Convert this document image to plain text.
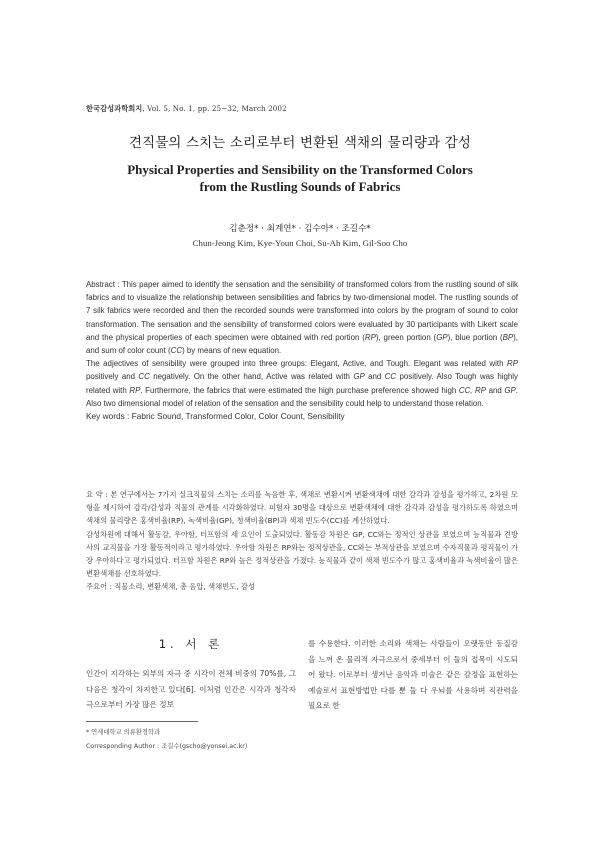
한국감성과학회지, Vol. 5, No. 1, pp. 25~32, March 2002
견직물의 스치는 소리로부터 변환된 색채의 물리량과 감성
Physical Properties and Sensibility on the Transformed Colors
from the Rustling Sounds of Fabrics
김춘정* · 최계연* · 김수아* · 조길수*
Chun-Jeong Kim, Kye-Youn Choi, Su-Ah Kim, Gil-Soo Cho

Abstract : This paper aimed to identify the sensation and the sensibility of transformed colors from the rustling sound of silk fabrics and to visualize the relationship between sensibilities and fabrics by two-dimensional model. The rustling sounds of 7 silk fabrics were recorded and then the recorded sounds were transformed into colors by the program of sound to color transformation. The sensation and the sensibility of transformed colors were evaluated by 30 participants with Likert scale and the physical properties of each specimen were obtained with red portion (RP), green portion (GP), blue portion (BP), and sum of color count (CC) by means of new equation.

The adjectives of sensibility were grouped into three groups: Elegant, Active, and Tough. Elegant was related with RP positively and CC negatively. On the other hand, Active was related with GP and CC positively. Also Tough was highly related with RP. Furthermore, the fabrics that were estimated the high purchase preference showed high CC, RP and GP. Also two dimensional model of relation of the sensation and the sensibility could help to understand those relation.

Key words : Fabric Sound, Transformed Color, Color Count, Sensibility

요 약 : 본 연구에서는 7가지 실크직물의 스치는 소리를 녹음한 후, 색채로 변환시켜 변환색채에 대한 감각과 감성을 평가하고, 2차원 모형을 제시하여 감각/감성과 직물의 관계를 시각화하였다. 피험자 30명을 대상으로 변환색채에 대한 감각과 감성을 평가하도록 하였으며 색채의 물리량은 홍색비율(RP), 녹색비율(GP), 청색비율(BP)과 색채 빈도수(CC)를 계산하였다.

감성차원에 대해서 활동감, 우아함, 터프함의 세 요인이 도출되었다. 활동감 차원은 GP, CC와는 정적인 상관을 보였으며 능직물과 견방사의 교직물을 가장 활동적이라고 평가하였다. 우아함 차원은 RP와는 정적상관을, CC와는 부적상관을 보였으며 수자직물과 평직물이 가장 우아하다고 평가되었다. 터프함 차원은 RP와 높은 정적상관을 가졌다. 능직물과 같이 색채 빈도수가 많고 홍색비율과 녹색비율이 많은 변환색채를 선호하였다.

주요어 : 직물소리, 변환색채, 총 음압, 색채빈도, 감성

1. 서 론

인간이 지각하는 외부의 자극 중 시각이 전체 비중의 70%를, 그 다음은 청각이 차지한고 있다[6]. 이처럼 인간은 시각과 청각자극으로부터 가장 많은 정보

를 수용한다. 이러한 소리와 색채는 사람들이 오랫동안 동질감을 느껴 온 물리적 자극으로서 중세부터 이 둘의 접목이 시도되어 왔다. 이로부터 생겨난 음악과 미술은 같은 감정을 표현하는 예술로서 표현방법만 다를 뿐 둘 다 우뇌를 사용하며 직관력을 필요로 한

* 연세대학교 의류환경학과

Corresponding Author : 조길수(gscho@yonsei.ac.kr)
